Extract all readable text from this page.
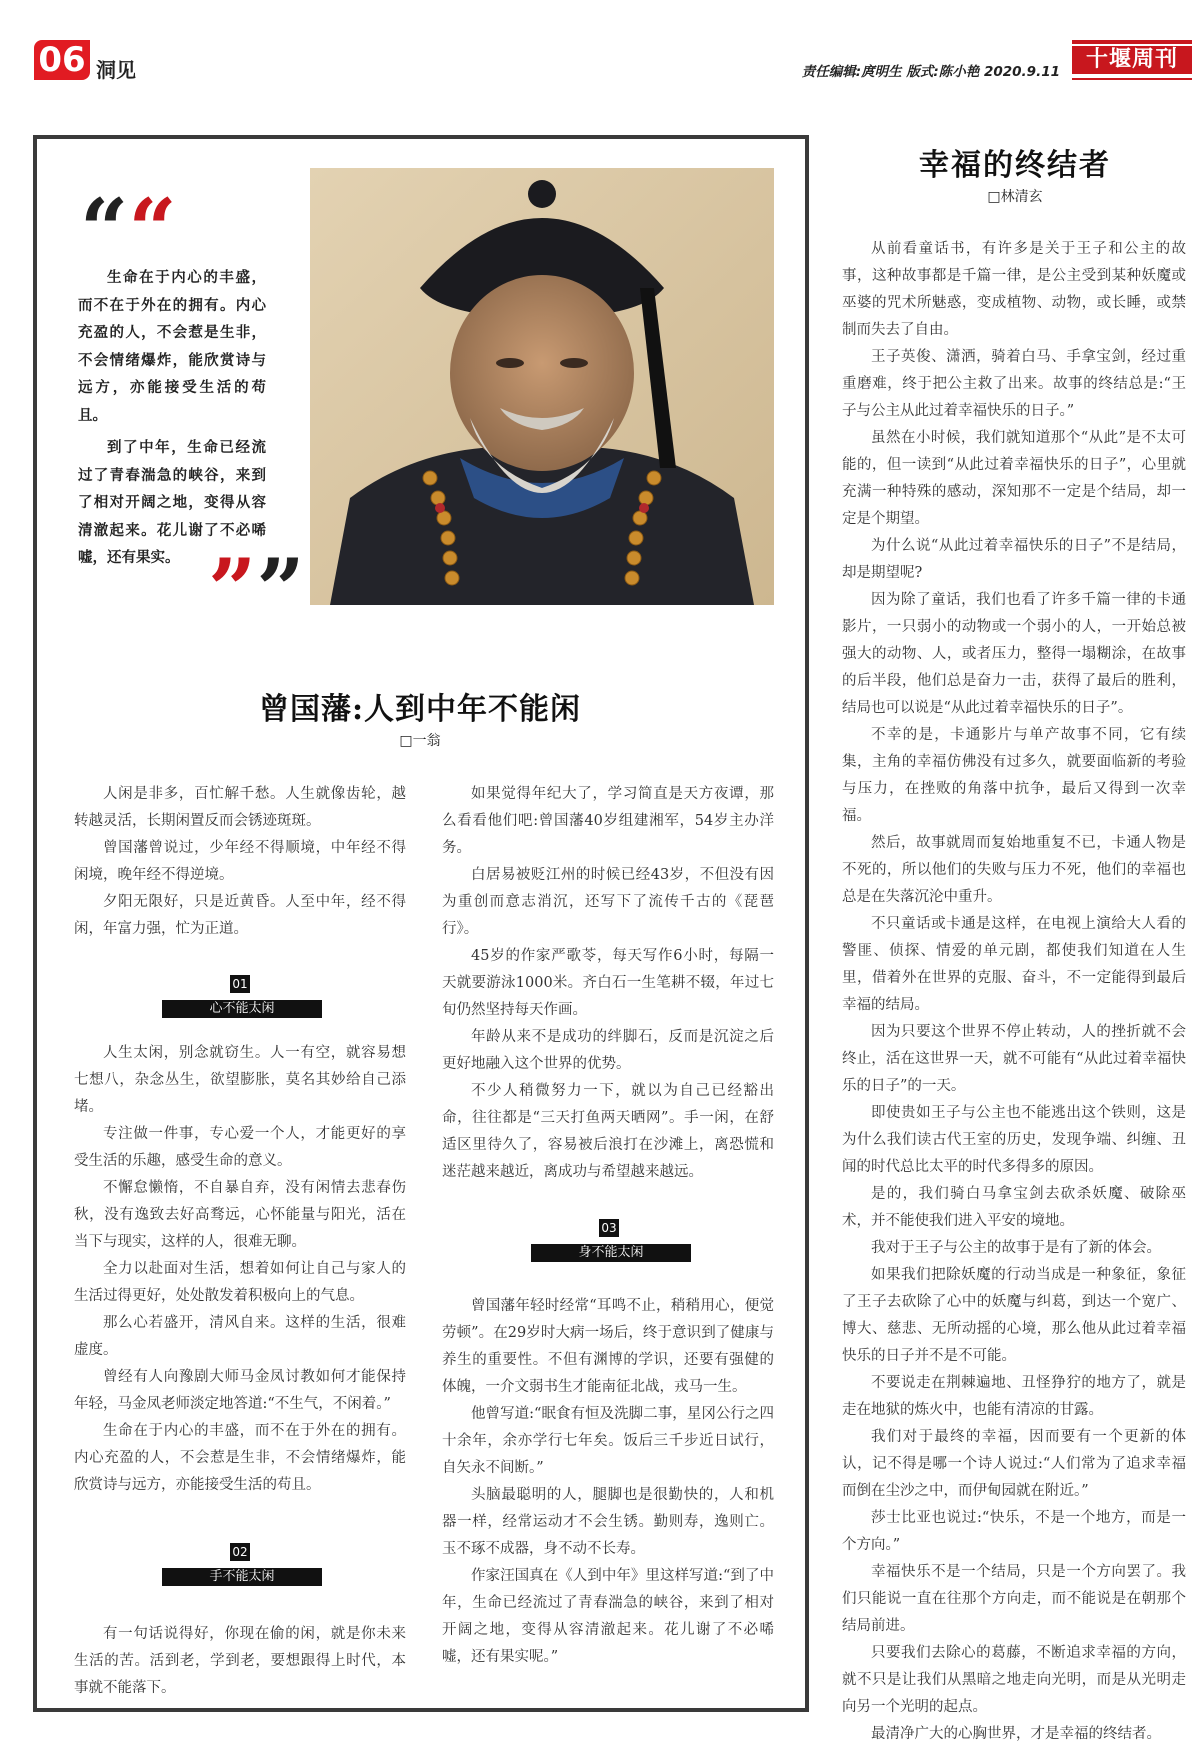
06 洞见	责任编辑:庹明生 版式:陈小艳 2020.9.11	十堰周刊
““
””

生命在于内心的丰盛，而不在于外在的拥有。内心充盈的人，不会惹是生非，不会情绪爆炸，能欣赏诗与远方，亦能接受生活的苟且。

到了中年，生命已经流过了青春湍急的峡谷，来到了相对开阔之地，变得从容清澈起来。花儿谢了不必唏嘘，还有果实。

曾国藩:人到中年不能闲
□一翁

人闲是非多，百忙解千愁。人生就像齿轮，越转越灵活，长期闲置反而会锈迹斑斑。

曾国藩曾说过，少年经不得顺境，中年经不得闲境，晚年经不得逆境。

夕阳无限好，只是近黄昏。人至中年，经不得闲，年富力强，忙为正道。

01
心不能太闲

人生太闲，别念就窃生。人一有空，就容易想七想八，杂念丛生，欲望膨胀，莫名其妙给自己添堵。

专注做一件事，专心爱一个人，才能更好的享受生活的乐趣，感受生命的意义。

不懈怠懒惰，不自暴自弃，没有闲情去悲春伤秋，没有逸致去好高骛远，心怀能量与阳光，活在当下与现实，这样的人，很难无聊。

全力以赴面对生活，想着如何让自己与家人的生活过得更好，处处散发着积极向上的气息。

那么心若盛开，清风自来。这样的生活，很难虚度。

曾经有人向豫剧大师马金凤讨教如何才能保持年轻，马金凤老师淡定地答道:“不生气，不闲着。”

生命在于内心的丰盛，而不在于外在的拥有。内心充盈的人，不会惹是生非，不会情绪爆炸，能欣赏诗与远方，亦能接受生活的苟且。

02
手不能太闲

有一句话说得好，你现在偷的闲，就是你未来生活的苦。活到老，学到老，要想跟得上时代，本事就不能落下。

如果觉得年纪大了，学习简直是天方夜谭，那么看看他们吧:曾国藩40岁组建湘军，54岁主办洋务。

白居易被贬江州的时候已经43岁，不但没有因为重创而意志消沉，还写下了流传千古的《琵琶行》。

45岁的作家严歌苓，每天写作6小时，每隔一天就要游泳1000米。齐白石一生笔耕不辍，年过七旬仍然坚持每天作画。

年龄从来不是成功的绊脚石，反而是沉淀之后更好地融入这个世界的优势。

不少人稍微努力一下，就以为自己已经豁出命，往往都是“三天打鱼两天晒网”。手一闲，在舒适区里待久了，容易被后浪打在沙滩上，离恐慌和迷茫越来越近，离成功与希望越来越远。

03
身不能太闲

曾国藩年轻时经常“耳鸣不止，稍稍用心，便觉劳顿”。在29岁时大病一场后，终于意识到了健康与养生的重要性。不但有渊博的学识，还要有强健的体魄，一介文弱书生才能南征北战，戎马一生。

他曾写道:“眠食有恒及洗脚二事，星冈公行之四十余年，余亦学行七年矣。饭后三千步近日试行，自矢永不间断。”

头脑最聪明的人，腿脚也是很勤快的，人和机器一样，经常运动才不会生锈。勤则寿，逸则亡。玉不琢不成器，身不动不长寿。

作家汪国真在《人到中年》里这样写道:“到了中年，生命已经流过了青春湍急的峡谷，来到了相对开阔之地，变得从容清澈起来。花儿谢了不必唏嘘，还有果实呢。”

幸福的终结者
□林清玄

从前看童话书，有许多是关于王子和公主的故事，这种故事都是千篇一律，是公主受到某种妖魔或巫婆的咒术所魅惑，变成植物、动物，或长睡，或禁制而失去了自由。

王子英俊、潇洒，骑着白马、手拿宝剑，经过重重磨难，终于把公主救了出来。故事的终结总是:“王子与公主从此过着幸福快乐的日子。”

虽然在小时候，我们就知道那个“从此”是不太可能的，但一读到“从此过着幸福快乐的日子”，心里就充满一种特殊的感动，深知那不一定是个结局，却一定是个期望。

为什么说“从此过着幸福快乐的日子”不是结局，却是期望呢?

因为除了童话，我们也看了许多千篇一律的卡通影片，一只弱小的动物或一个弱小的人，一开始总被强大的动物、人，或者压力，整得一塌糊涂，在故事的后半段，他们总是奋力一击，获得了最后的胜利，结局也可以说是“从此过着幸福快乐的日子”。

不幸的是，卡通影片与单产故事不同，它有续集，主角的幸福仿佛没有过多久，就要面临新的考验与压力，在挫败的角落中抗争，最后又得到一次幸福。

然后，故事就周而复始地重复不已，卡通人物是不死的，所以他们的失败与压力不死，他们的幸福也总是在失落沉沦中重升。

不只童话或卡通是这样，在电视上演给大人看的警匪、侦探、情爱的单元剧，都使我们知道在人生里，借着外在世界的克服、奋斗，不一定能得到最后幸福的结局。

因为只要这个世界不停止转动，人的挫折就不会终止，活在这世界一天，就不可能有“从此过着幸福快乐的日子”的一天。

即使贵如王子与公主也不能逃出这个铁则，这是为什么我们读古代王室的历史，发现争端、纠缠、丑闻的时代总比太平的时代多得多的原因。

是的，我们骑白马拿宝剑去砍杀妖魔、破除巫术，并不能使我们进入平安的境地。

我对于王子与公主的故事于是有了新的体会。

如果我们把除妖魔的行动当成是一种象征，象征了王子去砍除了心中的妖魔与纠葛，到达一个宽广、博大、慈悲、无所动摇的心境，那么他从此过着幸福快乐的日子并不是不可能。

不要说走在荆棘遍地、丑怪狰狞的地方了，就是走在地狱的炼火中，也能有清凉的甘露。

我们对于最终的幸福，因而要有一个更新的体认，记不得是哪一个诗人说过:“人们常为了追求幸福而倒在尘沙之中，而伊甸园就在附近。”

莎士比亚也说过:“快乐，不是一个地方，而是一个方向。”

幸福快乐不是一个结局，只是一个方向罢了。我们只能说一直在往那个方向走，而不能说是在朝那个结局前进。

只要我们去除心的葛藤，不断追求幸福的方向，就不只是让我们从黑暗之地走向光明，而是从光明走向另一个光明的起点。

最清净广大的心胸世界，才是幸福的终结者。
